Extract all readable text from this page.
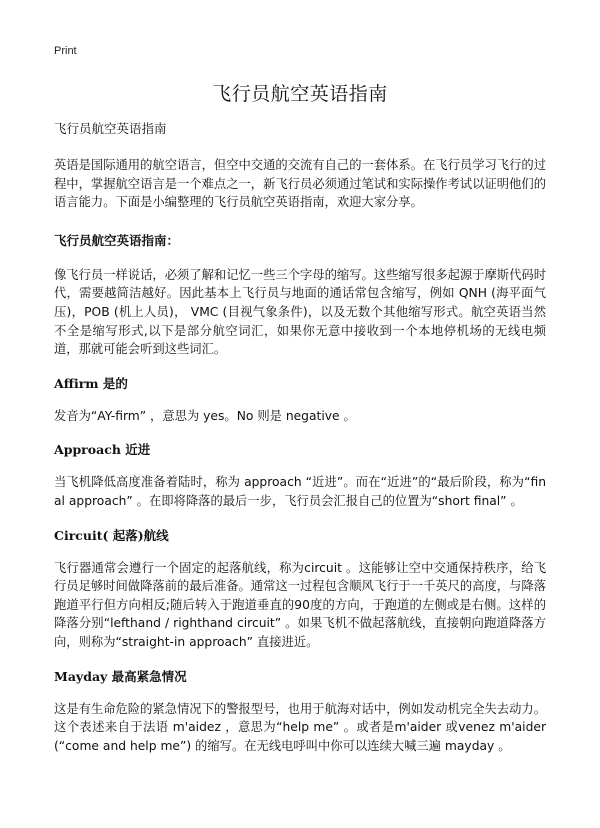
Print

飞行员航空英语指南

飞行员航空英语指南

英语是国际通用的航空语言，但空中交通的交流有自己的一套体系。在飞行员学习飞行的过程中，掌握航空语言是一个难点之一，新飞行员必须通过笔试和实际操作考试以证明他们的语言能力。下面是小编整理的飞行员航空英语指南，欢迎大家分享。

飞行员航空英语指南：

像飞行员一样说话，必须了解和记忆一些三个字母的缩写。这些缩写很多起源于摩斯代码时代，需要越简洁越好。因此基本上飞行员与地面的通话常包含缩写，例如 QNH (海平面气压)，POB (机上人员)， VMC (目视气象条件)，以及无数个其他缩写形式。航空英语当然不全是缩写形式,以下是部分航空词汇，如果你无意中接收到一个本地停机场的无线电频道，那就可能会听到这些词汇。

Affirm 是的

发音为“AY-firm” ，意思为 yes。No 则是 negative 。

Approach 近进

当飞机降低高度准备着陆时，称为 approach “近进”。而在“近进”的“最后阶段，称为“final approach” 。在即将降落的最后一步，飞行员会汇报自己的位置为“short final” 。

Circuit( 起落)航线

飞行器通常会遵行一个固定的起落航线，称为circuit 。这能够让空中交通保持秩序，给飞行员足够时间做降落前的最后准备。通常这一过程包含顺风飞行于一千英尺的高度，与降落跑道平行但方向相反;随后转入于跑道垂直的90度的方向，于跑道的左侧或是右侧。这样的降落分别“lefthand / righthand circuit” 。如果飞机不做起落航线，直接朝向跑道降落方向，则称为“straight-in approach” 直接进近。

Mayday 最高紧急情况

这是有生命危险的紧急情况下的警报型号，也用于航海对话中，例如发动机完全失去动力。这个表述来自于法语 m'aidez ，意思为“help me” 。或者是m'aider 或venez m'aider (“come and help me”) 的缩写。在无线电呼叫中你可以连续大喊三遍 mayday 。
